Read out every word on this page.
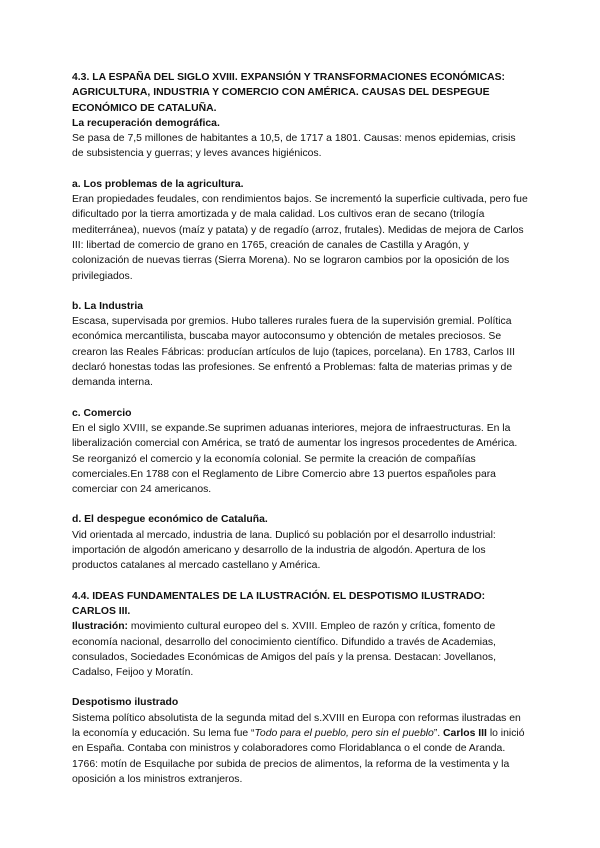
4.3. LA ESPAÑA DEL SIGLO XVIII. EXPANSIÓN Y TRANSFORMACIONES ECONÓMICAS: AGRICULTURA, INDUSTRIA Y COMERCIO CON AMÉRICA. CAUSAS DEL DESPEGUE ECONÓMICO DE CATALUÑA.

La recuperación demográfica.

Se pasa de 7,5 millones de habitantes a 10,5, de 1717 a 1801. Causas: menos epidemias, crisis de subsistencia y guerras; y leves avances higiénicos.

a. Los problemas de la agricultura.

Eran propiedades feudales, con rendimientos bajos. Se incrementó la superficie cultivada, pero fue dificultado por la tierra amortizada y de mala calidad. Los cultivos eran de secano (trilogía mediterránea), nuevos (maíz y patata) y de regadío (arroz, frutales). Medidas de mejora de Carlos III: libertad de comercio de grano en 1765, creación de canales de Castilla y Aragón, y colonización de nuevas tierras (Sierra Morena). No se lograron cambios por la oposición de los privilegiados.

b. La Industria

Escasa, supervisada por gremios. Hubo talleres rurales fuera de la supervisión gremial. Política económica mercantilista, buscaba mayor autoconsumo y obtención de metales preciosos. Se crearon las Reales Fábricas: producían artículos de lujo (tapices, porcelana). En 1783, Carlos III declaró honestas todas las profesiones. Se enfrentó a Problemas: falta de materias primas y de demanda interna.

c. Comercio

En el siglo XVIII, se expande.Se suprimen aduanas interiores, mejora de infraestructuras. En la liberalización comercial con América, se trató de aumentar los ingresos procedentes de América. Se reorganizó el comercio y la economía colonial. Se permite la creación de compañías comerciales.En 1788 con el Reglamento de Libre Comercio abre 13 puertos españoles para comerciar con 24 americanos.

d. El despegue económico de Cataluña.

Vid orientada al mercado, industria de lana. Duplicó su población por el desarrollo industrial: importación de algodón americano y desarrollo de la industria de algodón. Apertura de los productos catalanes al mercado castellano y América.

4.4. IDEAS FUNDAMENTALES DE LA ILUSTRACIÓN. EL DESPOTISMO ILUSTRADO: CARLOS III.

Ilustración: movimiento cultural europeo del s. XVIII. Empleo de razón y crítica, fomento de economía nacional, desarrollo del conocimiento científico. Difundido a través de Academias, consulados, Sociedades Económicas de Amigos del país y la prensa. Destacan: Jovellanos, Cadalso, Feijoo y Moratín.

Despotismo ilustrado

Sistema político absolutista de la segunda mitad del s.XVIII en Europa con reformas ilustradas en la economía y educación. Su lema fue “Todo para el pueblo, pero sin el pueblo”. Carlos III lo inició en España. Contaba con ministros y colaboradores como Floridablanca o el conde de Aranda.

1766: motín de Esquilache por subida de precios de alimentos, la reforma de la vestimenta y la oposición a los ministros extranjeros.
